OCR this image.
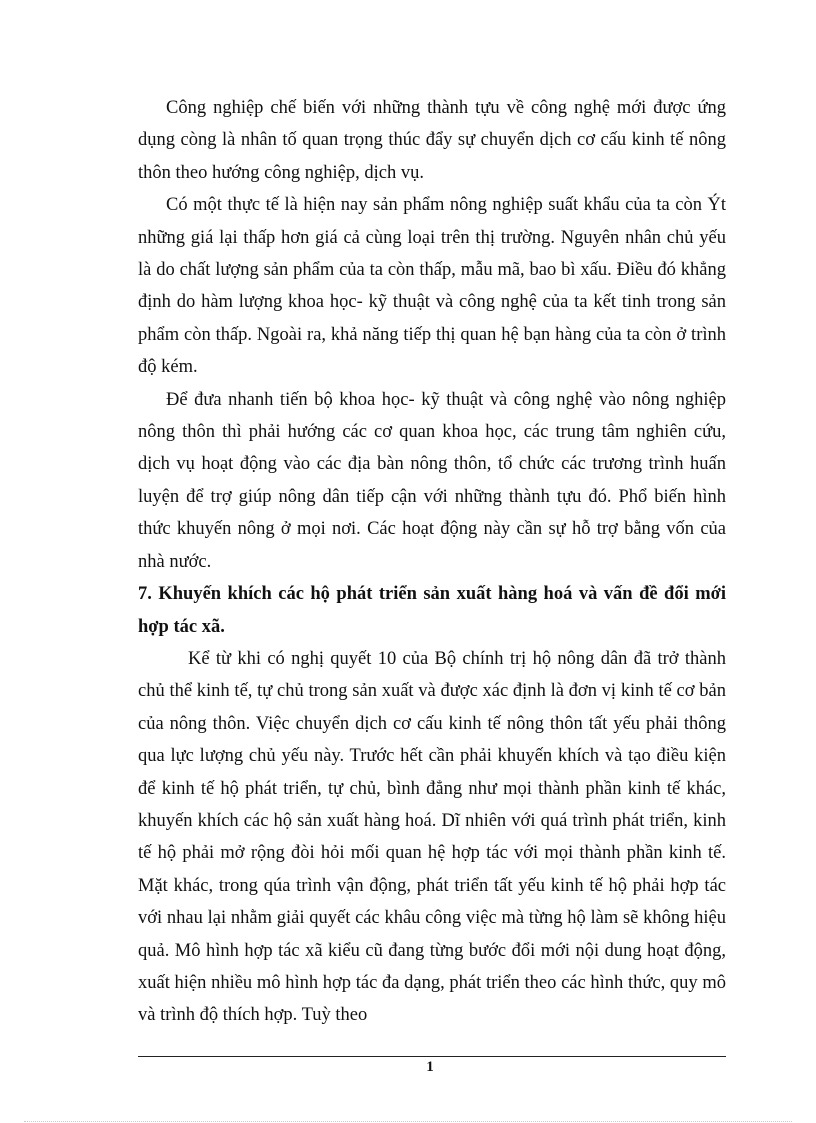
Công nghiệp chế biến với những thành tựu về công nghệ mới được ứng dụng còng là nhân tố quan trọng thúc đẩy sự chuyển dịch cơ cấu kinh tế nông thôn theo hướng công nghiệp, dịch vụ.

Có một thực tế là hiện nay sản phẩm nông nghiệp suất khẩu của ta còn Ýt những giá lại thấp hơn giá cả cùng loại trên thị trường. Nguyên nhân chủ yếu là do chất lượng sản phẩm của ta còn thấp, mẫu mã, bao bì xấu. Điều đó khẳng định do hàm lượng khoa học- kỹ thuật và công nghệ của ta kết tinh trong sản phẩm còn thấp. Ngoài ra, khả năng tiếp thị quan hệ bạn hàng của ta còn ở trình độ kém.

Để đưa nhanh tiến bộ khoa học- kỹ thuật và công nghệ vào nông nghiệp nông thôn thì phải hướng các cơ quan khoa học, các trung tâm nghiên cứu, dịch vụ hoạt động vào các địa bàn nông thôn, tổ chức các trương trình huấn luyện để trợ giúp nông dân tiếp cận với những thành tựu đó. Phổ biến hình thức khuyến nông ở mọi nơi. Các hoạt động này cần sự hỗ trợ bằng vốn của nhà nước.

7. Khuyến khích các hộ phát triển sản xuất hàng hoá và vấn đề đổi mới hợp tác xã.

Kể từ khi có nghị quyết 10 của Bộ chính trị hộ nông dân đã trở thành chủ thể kinh tế, tự chủ trong sản xuất và được xác định là đơn vị kinh tế cơ bản của nông thôn. Việc chuyển dịch cơ cấu kinh tế nông thôn tất yếu phải thông qua lực lượng chủ yếu này. Trước hết cần phải khuyến khích và tạo điều kiện để kinh tế hộ phát triển, tự chủ, bình đẳng như mọi thành phần kinh tế khác, khuyến khích các hộ sản xuất hàng hoá. Dĩ nhiên với quá trình phát triển, kinh tế hộ phải mở rộng đòi hỏi mối quan hệ hợp tác với mọi thành phần kinh tế. Mặt khác, trong qúa trình vận động, phát triển tất yếu kinh tế hộ phải hợp tác với nhau lại nhằm giải quyết các khâu công việc mà từng hộ làm sẽ không hiệu quả. Mô hình hợp tác xã kiểu cũ đang từng bước đổi mới nội dung hoạt động, xuất hiện nhiều mô hình hợp tác đa dạng, phát triển theo các hình thức, quy mô và trình độ thích hợp. Tuỳ theo

1
